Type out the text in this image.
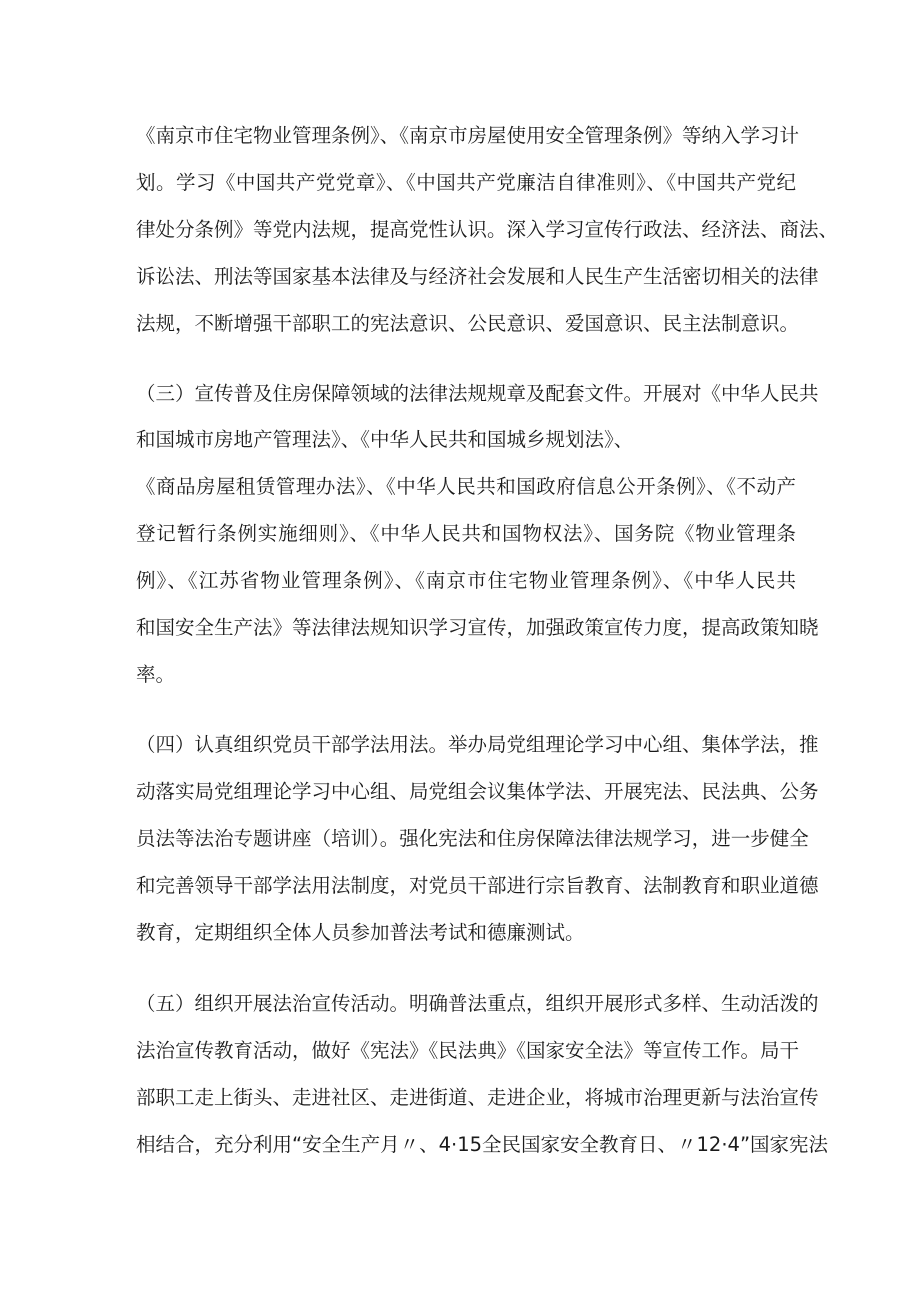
《南京市住宅物业管理条例》、《南京市房屋使用安全管理条例》等纳入学习计

划。学习《中国共产党党章》、《中国共产党廉洁自律准则》、《中国共产党纪

律处分条例》等党内法规，提高党性认识。深入学习宣传行政法、经济法、商法、

诉讼法、刑法等国家基本法律及与经济社会发展和人民生产生活密切相关的法律

法规，不断增强干部职工的宪法意识、公民意识、爱国意识、民主法制意识。

（三）宣传普及住房保障领域的法律法规规章及配套文件。开展对《中华人民共

和国城市房地产管理法》、《中华人民共和国城乡规划法》、

《商品房屋租赁管理办法》、《中华人民共和国政府信息公开条例》、《不动产

登记暂行条例实施细则》、《中华人民共和国物权法》、国务院《物业管理条

例》、《江苏省物业管理条例》、《南京市住宅物业管理条例》、《中华人民共

和国安全生产法》等法律法规知识学习宣传，加强政策宣传力度，提高政策知晓

率。

（四）认真组织党员干部学法用法。举办局党组理论学习中心组、集体学法，推

动落实局党组理论学习中心组、局党组会议集体学法、开展宪法、民法典、公务

员法等法治专题讲座（培训）。强化宪法和住房保障法律法规学习，进一步健全

和完善领导干部学法用法制度，对党员干部进行宗旨教育、法制教育和职业道德

教育，定期组织全体人员参加普法考试和德廉测试。

（五）组织开展法治宣传活动。明确普法重点，组织开展形式多样、生动活泼的

法治宣传教育活动，做好《宪法》《民法典》《国家安全法》等宣传工作。局干

部职工走上街头、走进社区、走进街道、走进企业，将城市治理更新与法治宣传

相结合，充分利用“安全生产月〃、4·15全民国家安全教育日、〃12·4”国家宪法
